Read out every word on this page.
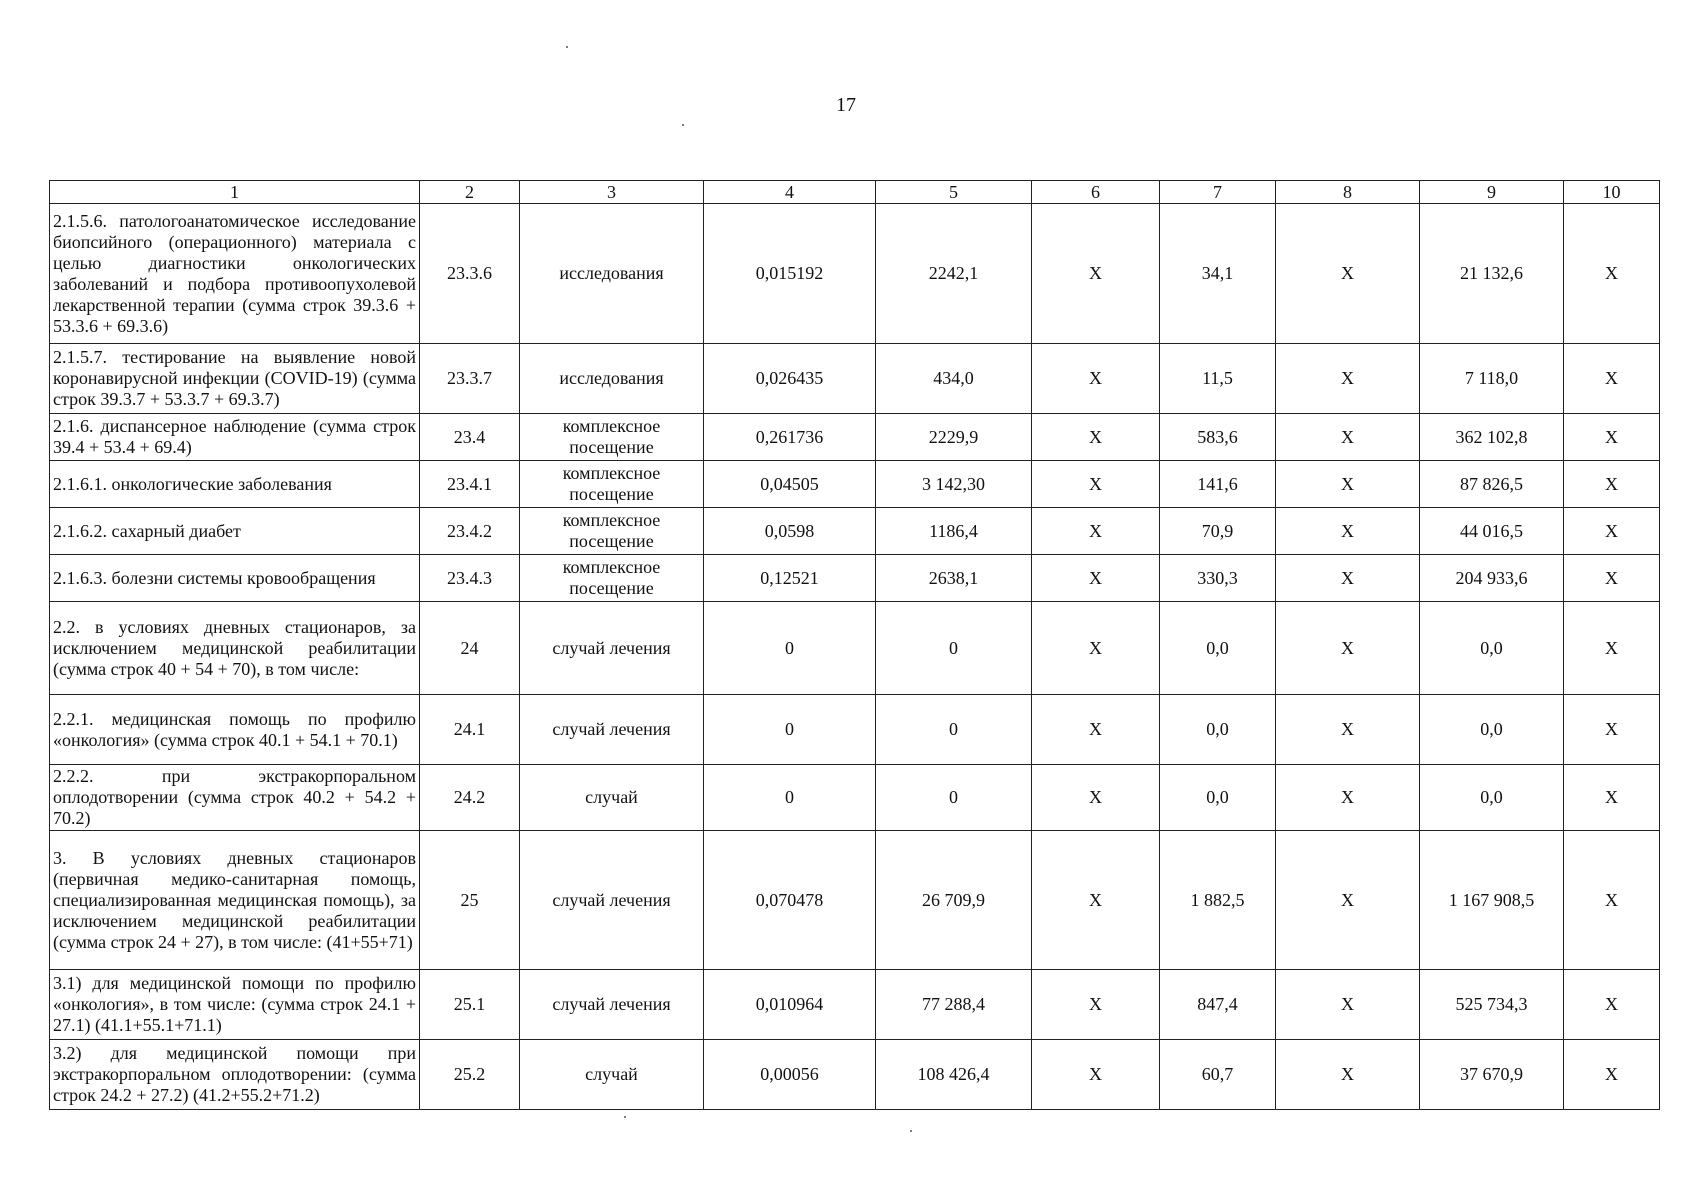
17
1	2	3	4	5	6	7	8	9	10
2.1.5.6. патологоанатомическое исследование биопсийного (операционного) материала с целью диагностики онкологических заболеваний и подбора противоопухолевой лекарственной терапии (сумма строк 39.3.6 + 53.3.6 + 69.3.6)	23.3.6	исследования	0,015192	2242,1	X	34,1	X	21 132,6	X
2.1.5.7. тестирование на выявление новой коронавирусной инфекции (COVID-19) (сумма строк 39.3.7 + 53.3.7 + 69.3.7)	23.3.7	исследования	0,026435	434,0	X	11,5	X	7 118,0	X
2.1.6. диспансерное наблюдение (сумма строк 39.4 + 53.4 + 69.4)	23.4	комплексное посещение	0,261736	2229,9	X	583,6	X	362 102,8	X
2.1.6.1. онкологические заболевания	23.4.1	комплексное посещение	0,04505	3 142,30	X	141,6	X	87 826,5	X
2.1.6.2. сахарный диабет	23.4.2	комплексное посещение	0,0598	1186,4	X	70,9	X	44 016,5	X
2.1.6.3. болезни системы кровообращения	23.4.3	комплексное посещение	0,12521	2638,1	X	330,3	X	204 933,6	X
2.2. в условиях дневных стационаров, за исключением медицинской реабилитации (сумма строк 40 + 54 + 70), в том числе:	24	случай лечения	0	0	X	0,0	X	0,0	X
2.2.1. медицинская помощь по профилю «онкология» (сумма строк 40.1 + 54.1 + 70.1)	24.1	случай лечения	0	0	X	0,0	X	0,0	X
2.2.2. при экстракорпоральном оплодотворении (сумма строк 40.2 + 54.2 + 70.2)	24.2	случай	0	0	X	0,0	X	0,0	X
3. В условиях дневных стационаров (первичная медико-санитарная помощь, специализированная медицинская помощь), за исключением медицинской реабилитации (сумма строк 24 + 27), в том числе: (41+55+71)	25	случай лечения	0,070478	26 709,9	X	1 882,5	X	1 167 908,5	X
3.1) для медицинской помощи по профилю «онкология», в том числе: (сумма строк 24.1 + 27.1) (41.1+55.1+71.1)	25.1	случай лечения	0,010964	77 288,4	X	847,4	X	525 734,3	X
3.2) для медицинской помощи при экстракорпоральном оплодотворении: (сумма строк 24.2 + 27.2) (41.2+55.2+71.2)	25.2	случай	0,00056	108 426,4	X	60,7	X	37 670,9	X
